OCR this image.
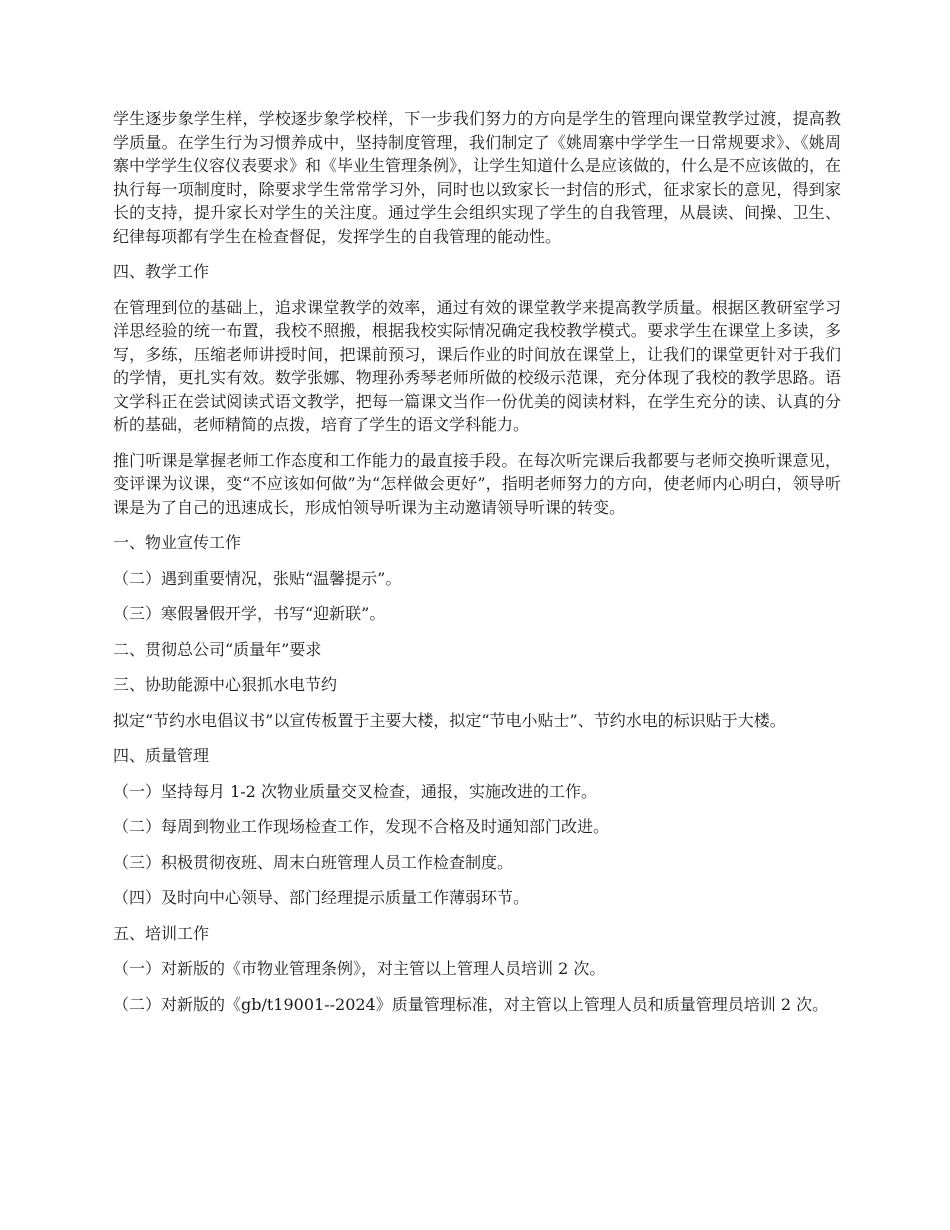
学生逐步象学生样，学校逐步象学校样，下一步我们努力的方向是学生的管理向课堂教学过渡，提高教学质量。在学生行为习惯养成中，坚持制度管理，我们制定了《姚周寨中学学生一日常规要求》、《姚周寨中学学生仪容仪表要求》和《毕业生管理条例》，让学生知道什么是应该做的，什么是不应该做的，在执行每一项制度时，除要求学生常常学习外，同时也以致家长一封信的形式，征求家长的意见，得到家长的支持，提升家长对学生的关注度。通过学生会组织实现了学生的自我管理，从晨读、间操、卫生、纪律每项都有学生在检查督促，发挥学生的自我管理的能动性。

四、教学工作

在管理到位的基础上，追求课堂教学的效率，通过有效的课堂教学来提高教学质量。根据区教研室学习洋思经验的统一布置，我校不照搬，根据我校实际情况确定我校教学模式。要求学生在课堂上多读，多写，多练，压缩老师讲授时间，把课前预习，课后作业的时间放在课堂上，让我们的课堂更针对于我们的学情，更扎实有效。数学张娜、物理孙秀琴老师所做的校级示范课，充分体现了我校的教学思路。语文学科正在尝试阅读式语文教学，把每一篇课文当作一份优美的阅读材料，在学生充分的读、认真的分析的基础，老师精简的点拨，培育了学生的语文学科能力。

推门听课是掌握老师工作态度和工作能力的最直接手段。在每次听完课后我都要与老师交换听课意见，变评课为议课，变“不应该如何做”为“怎样做会更好”，指明老师努力的方向，使老师内心明白，领导听课是为了自己的迅速成长，形成怕领导听课为主动邀请领导听课的转变。

一、物业宣传工作

（二）遇到重要情况，张贴“温馨提示”。

（三）寒假暑假开学，书写“迎新联”。

二、贯彻总公司“质量年”要求

三、协助能源中心狠抓水电节约

拟定“节约水电倡议书”以宣传板置于主要大楼，拟定“节电小贴士”、节约水电的标识贴于大楼。

四、质量管理

（一）坚持每月 1-2 次物业质量交叉检查，通报，实施改进的工作。

（二）每周到物业工作现场检查工作，发现不合格及时通知部门改进。

（三）积极贯彻夜班、周末白班管理人员工作检查制度。

（四）及时向中心领导、部门经理提示质量工作薄弱环节。

五、培训工作

（一）对新版的《市物业管理条例》，对主管以上管理人员培训 2 次。

（二）对新版的《gb/t19001--2024》质量管理标准，对主管以上管理人员和质量管理员培训 2 次。
